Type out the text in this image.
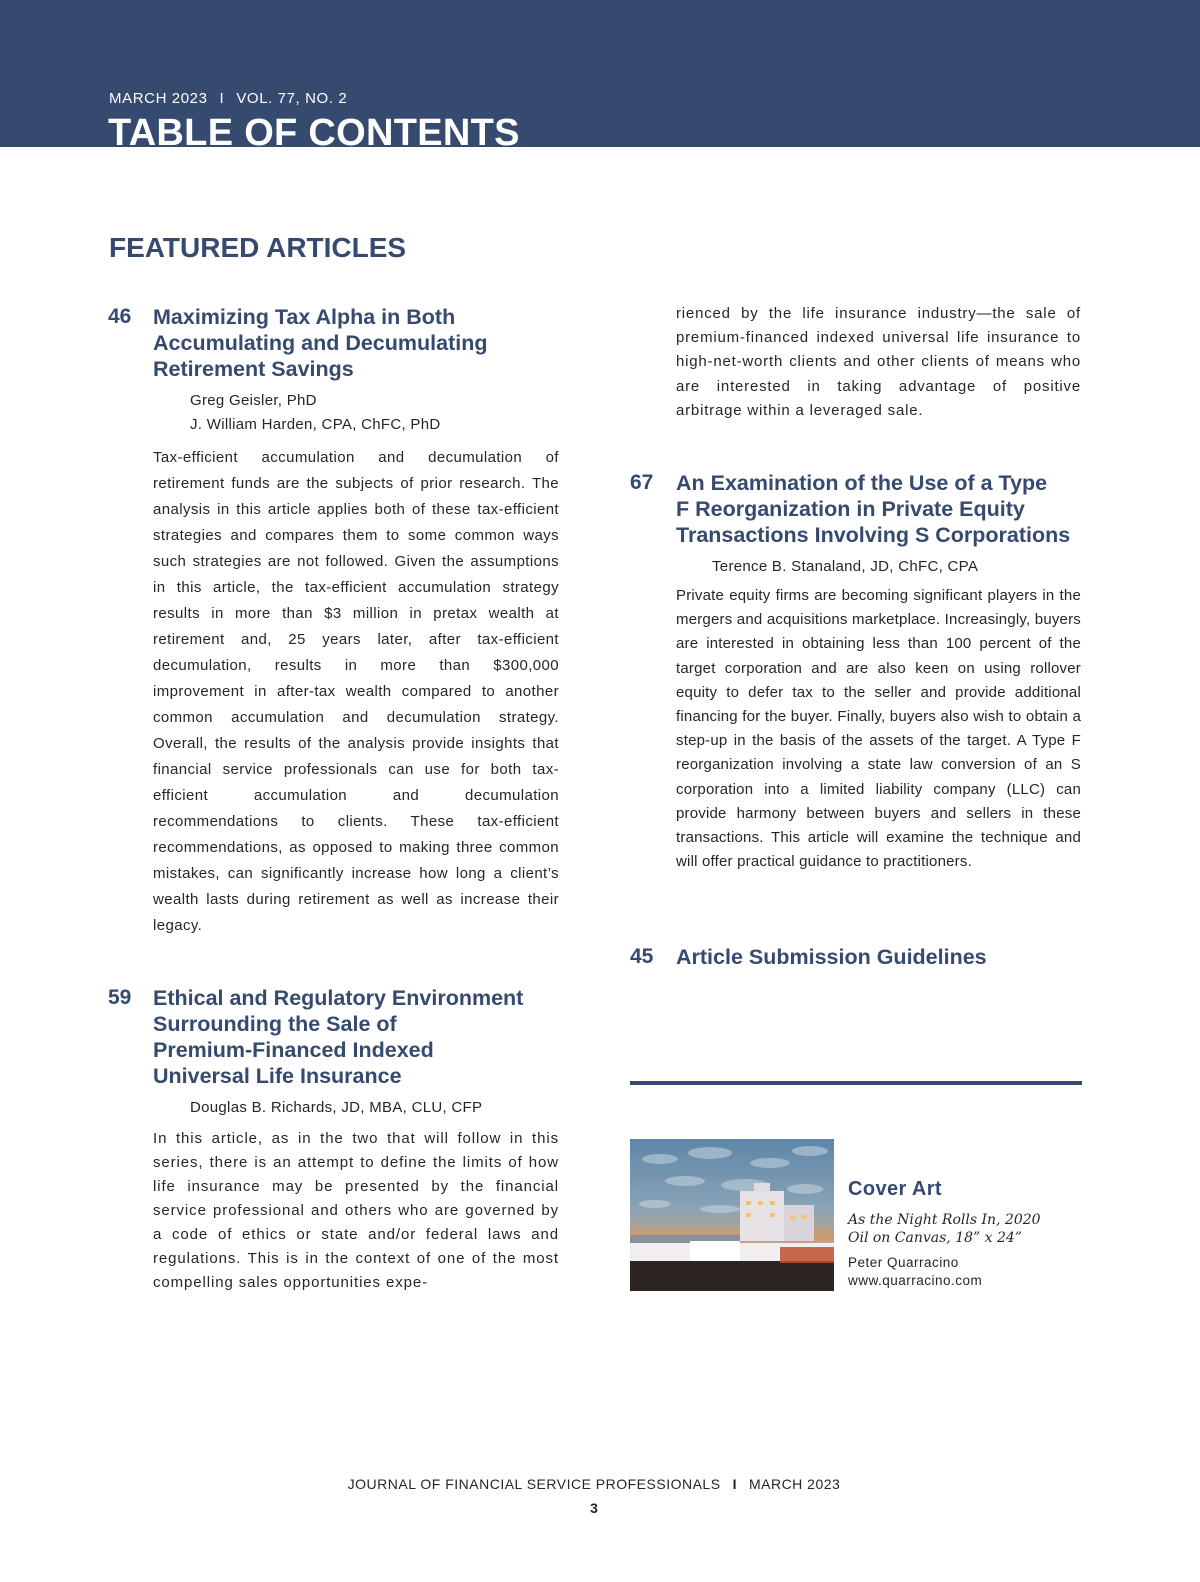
MARCH 2023 I VOL. 77, NO. 2
TABLE OF CONTENTS
FEATURED ARTICLES
46 Maximizing Tax Alpha in Both
Accumulating and Decumulating
Retirement Savings
Greg Geisler, PhD
J. William Harden, CPA, ChFC, PhD

Tax-efficient accumulation and decumulation of retirement funds are the subjects of prior research. The analysis in this article applies both of these tax-efficient strategies and compares them to some common ways such strategies are not followed. Given the assumptions in this article, the tax-efficient accumulation strategy results in more than $3 million in pretax wealth at retirement and, 25 years later, after tax-efficient decumulation, results in more than $300,000 improvement in after-tax wealth compared to another common accumulation and decumulation strategy. Overall, the results of the analysis provide insights that financial service professionals can use for both tax-efficient accumulation and decumulation recommendations to clients. These tax-efficient recommendations, as opposed to making three common mistakes, can significantly increase how long a client’s wealth lasts during retirement as well as increase their legacy.

59 Ethical and Regulatory Environment
Surrounding the Sale of
Premium-Financed Indexed
Universal Life Insurance
Douglas B. Richards, JD, MBA, CLU, CFP

In this article, as in the two that will follow in this series, there is an attempt to define the limits of how life insurance may be presented by the financial service professional and others who are governed by a code of ethics or state and/or federal laws and regulations. This is in the context of one of the most compelling sales opportunities expe-

rienced by the life insurance industry—the sale of premium-financed indexed universal life insurance to high-net-worth clients and other clients of means who are interested in taking advantage of positive arbitrage within a leveraged sale.

67 An Examination of the Use of a Type
F Reorganization in Private Equity
Transactions Involving S Corporations
Terence B. Stanaland, JD, ChFC, CPA

Private equity firms are becoming significant players in the mergers and acquisitions marketplace. Increasingly, buyers are interested in obtaining less than 100 percent of the target corporation and are also keen on using rollover equity to defer tax to the seller and provide additional financing for the buyer. Finally, buyers also wish to obtain a step-up in the basis of the assets of the target. A Type F reorganization involving a state law conversion of an S corporation into a limited liability company (LLC) can provide harmony between buyers and sellers in these transactions. This article will examine the technique and will offer practical guidance to practitioners.

45 Article Submission Guidelines
Cover Art
As the Night Rolls In, 2020
Oil on Canvas, 18” x 24”
Peter Quarracino
www.quarracino.com
JOURNAL OF FINANCIAL SERVICE PROFESSIONALS I MARCH 2023
3
